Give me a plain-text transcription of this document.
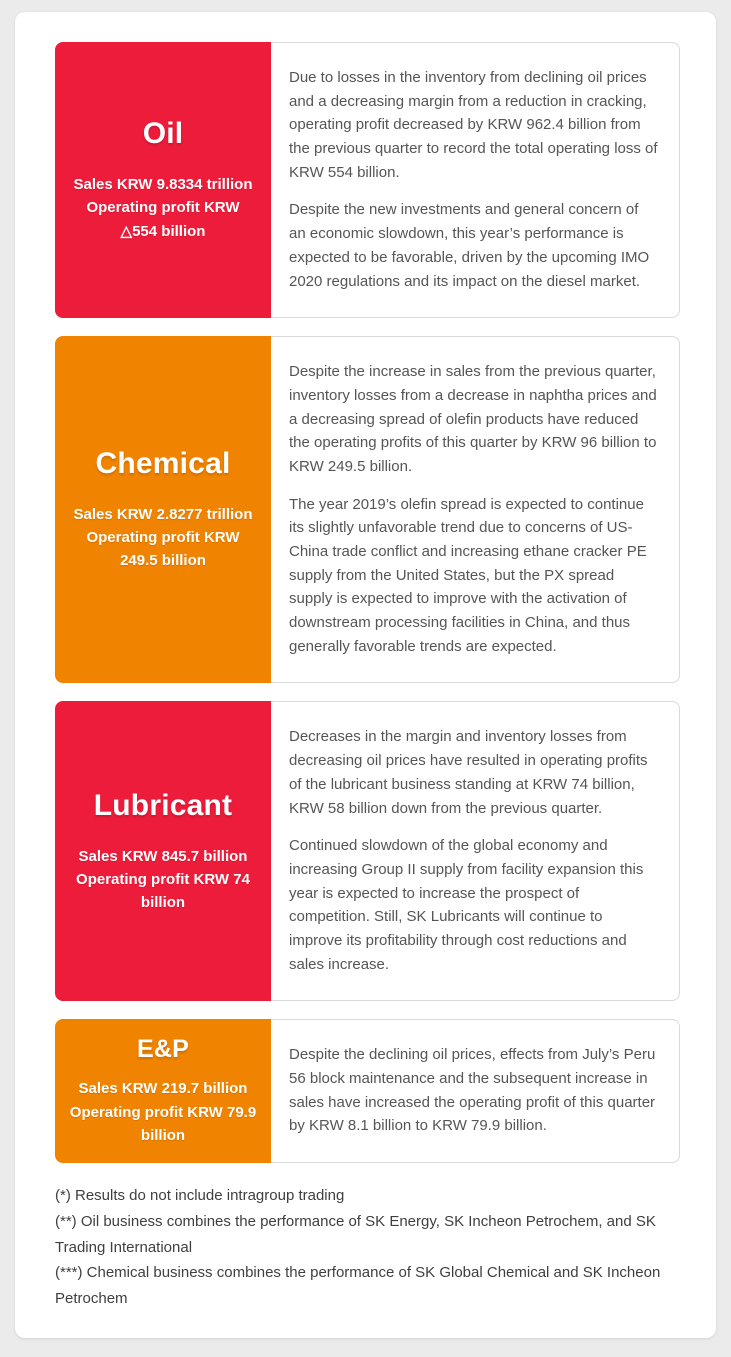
Oil
Sales KRW 9.8334 trillion
Operating profit KRW △554 billion

Due to losses in the inventory from declining oil prices and a decreasing margin from a reduction in cracking, operating profit decreased by KRW 962.4 billion from the previous quarter to record the total operating loss of KRW 554 billion.

Despite the new investments and general concern of an economic slowdown, this year’s performance is expected to be favorable, driven by the upcoming IMO 2020 regulations and its impact on the diesel market.

Chemical
Sales KRW 2.8277 trillion
Operating profit KRW 249.5 billion

Despite the increase in sales from the previous quarter, inventory losses from a decrease in naphtha prices and a decreasing spread of olefin products have reduced the operating profits of this quarter by KRW 96 billion to KRW 249.5 billion.

The year 2019’s olefin spread is expected to continue its slightly unfavorable trend due to concerns of US-China trade conflict and increasing ethane cracker PE supply from the United States, but the PX spread supply is expected to improve with the activation of downstream processing facilities in China, and thus generally favorable trends are expected.

Lubricant
Sales KRW 845.7 billion
Operating profit KRW 74 billion

Decreases in the margin and inventory losses from decreasing oil prices have resulted in operating profits of the lubricant business standing at KRW 74 billion, KRW 58 billion down from the previous quarter.

Continued slowdown of the global economy and increasing Group II supply from facility expansion this year is expected to increase the prospect of competition. Still, SK Lubricants will continue to improve its profitability through cost reductions and sales increase.

E&P
Sales KRW 219.7 billion
Operating profit KRW 79.9 billion

Despite the declining oil prices, effects from July’s Peru 56 block maintenance and the subsequent increase in sales have increased the operating profit of this quarter by KRW 8.1 billion to KRW 79.9 billion.

(*) Results do not include intragroup trading

(**) Oil business combines the performance of SK Energy, SK Incheon Petrochem, and SK Trading International

(***) Chemical business combines the performance of SK Global Chemical and SK Incheon Petrochem
